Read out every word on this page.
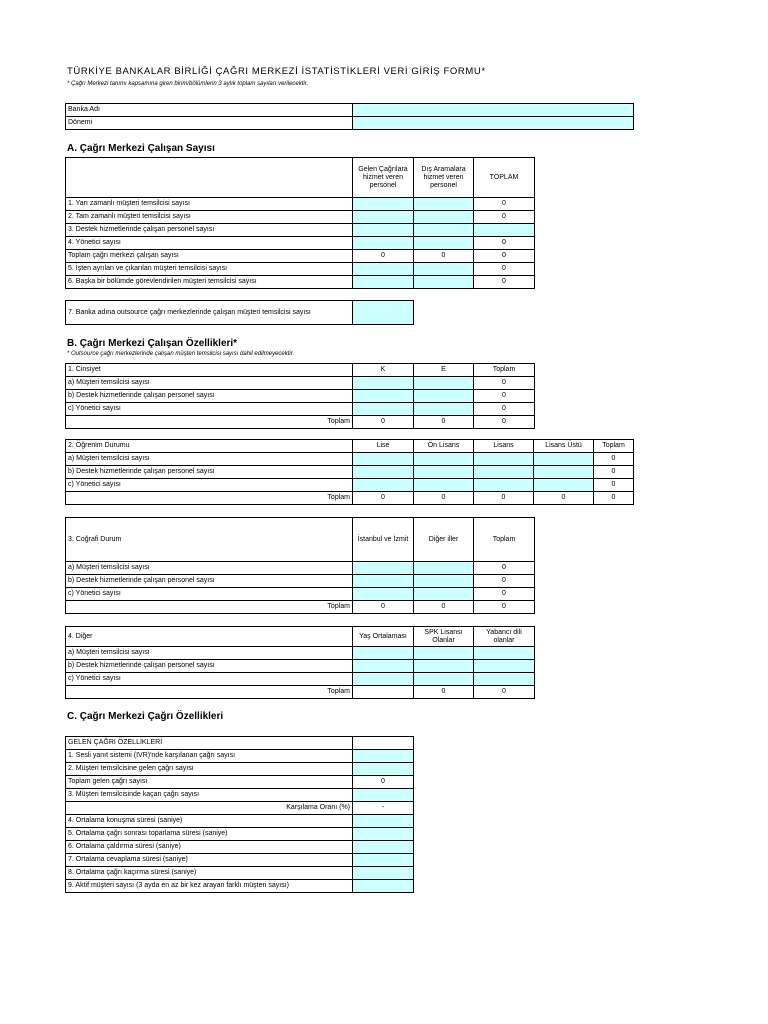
TÜRKİYE BANKALAR BİRLİĞİ ÇAĞRI MERKEZİ İSTATİSTİKLERİ VERİ GİRİŞ FORMU*
* Çağrı Merkezi tanımı kapsamına giren birim/bölümlerin 3 aylık toplam sayıları verilecektir.
Banka Adı	
Dönemi	
A. Çağrı Merkezi Çalışan Sayısı
	Gelen Çağrılara hizmet veren personel	Dış Aramalara hizmet veren personel	TOPLAM
1. Yarı zamanlı müşteri temsilcisi sayısı			0
2. Tam zamanlı müşteri temsilcisi sayısı			0
3. Destek hizmetlerinde çalışan personel sayısı			
4. Yönetici sayısı			0
Toplam çağrı merkezi çalışan sayısı	0	0	0
5. İşten ayrılan ve çıkarılan müşteri temsilcisi sayısı			0
6. Başka bir bölümde görevlendirilen müşteri temsilcisi sayısı			0
7. Banka adına outsource çağrı merkezlerinde çalışan müşteri temsilcisi sayısı	
B. Çağrı Merkezi Çalışan Özellikleri*
* Outsource çağrı merkezlerinde çalışan müşteri temsilcisi sayısı dahil edilmeyecektir.
1. Cinsiyet	K	E	Toplam
a) Müşteri temsilcisi sayısı			0
b) Destek hizmetlerinde çalışan personel sayısı			0
c) Yönetici sayısı			0
Toplam	0	0	0
2. Öğrenim Durumu	Lise	Ön Lisans	Lisans	Lisans Üstü	Toplam
a) Müşteri temsilcisi sayısı					0
b) Destek hizmetlerinde çalışan personel sayısı					0
c) Yönetici sayısı					0
Toplam	0	0	0	0	0
3. Coğrafi Durum	İstanbul ve İzmit	Diğer iller	Toplam
a) Müşteri temsilcisi sayısı			0
b) Destek hizmetlerinde çalışan personel sayısı			0
c) Yönetici sayısı			0
Toplam	0	0	0
4. Diğer	Yaş Ortalaması	SPK Lisansı Olanlar	Yabancı dili olanlar
a) Müşteri temsilcisi sayısı			
b) Destek hizmetlerinde çalışan personel sayısı			
c) Yönetici sayısı			
Toplam		0	0
C. Çağrı Merkezi Çağrı Özellikleri
GELEN ÇAĞRI ÖZELLİKLERİ	
1. Sesli yanıt sistemi (IVR)'nde karşılanan çağrı sayısı	
2. Müşteri temsilcisine gelen çağrı sayısı	
Toplam gelen çağrı sayısı	0
3. Müşteri temsilcisinde kaçan çağrı sayısı	
Karşılama Oranı (%)	-
4. Ortalama konuşma süresi (saniye)	
5. Ortalama çağrı sonrası toparlama süresi (saniye)	
6. Ortalama çaldırma süresi (saniye)	
7. Ortalama cevaplama süresi (saniye)	
8. Ortalama çağrı kaçırma süresi (saniye)	
9. Aktif müşteri sayısı (3 ayda en az bir kez arayan farklı müşteri sayısı)	
